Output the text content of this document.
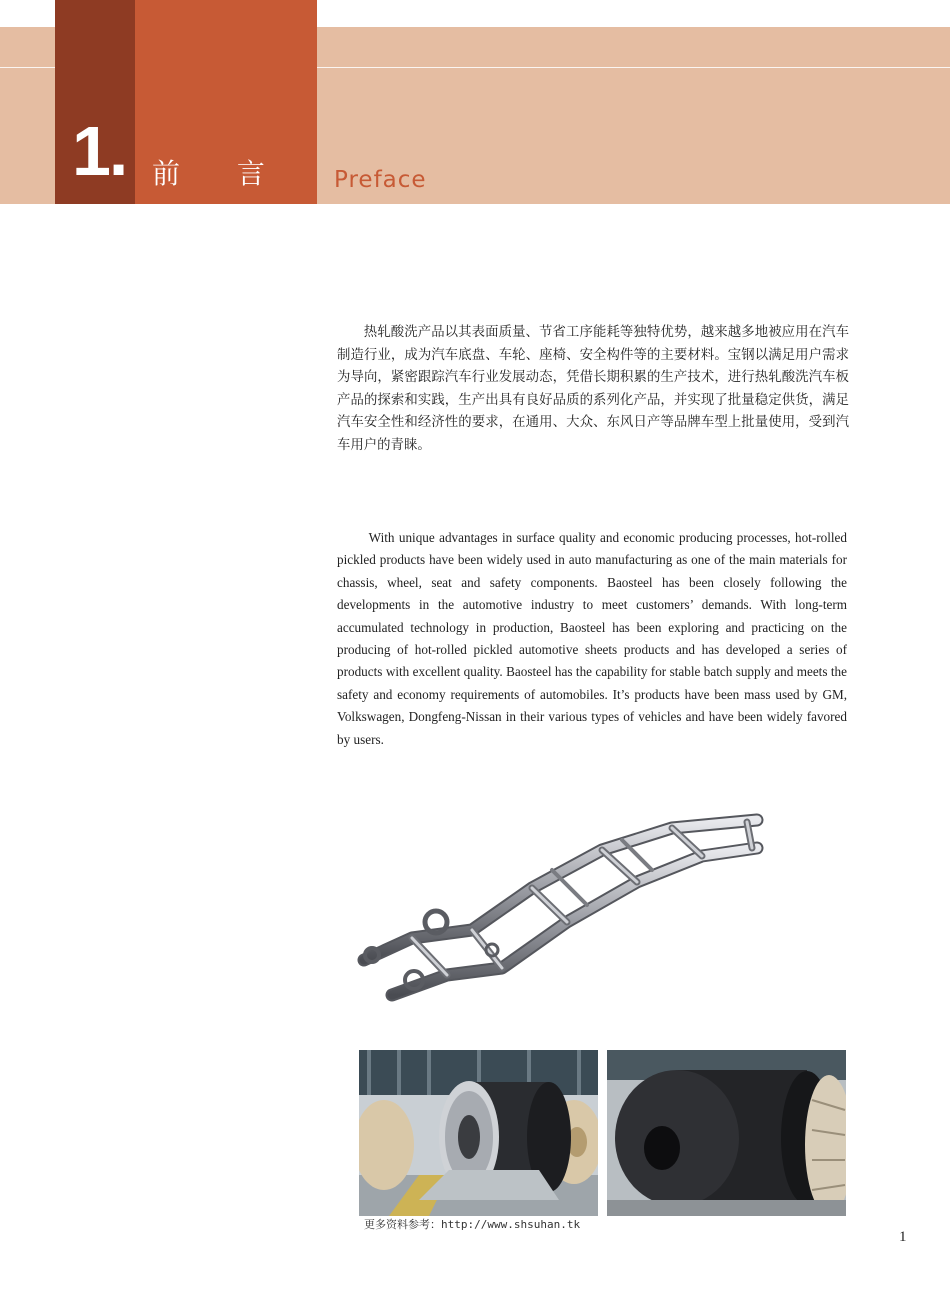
1. 前 言 Preface

热轧酸洗产品以其表面质量、节省工序能耗等独特优势，越来越多地被应用在汽车制造行业，成为汽车底盘、车轮、座椅、安全构件等的主要材料。宝钢以满足用户需求为导向，紧密跟踪汽车行业发展动态，凭借长期积累的生产技术，进行热轧酸洗汽车板产品的探索和实践，生产出具有良好品质的系列化产品，并实现了批量稳定供货，满足汽车安全性和经济性的要求，在通用、大众、东风日产等品牌车型上批量使用，受到汽车用户的青睐。

With unique advantages in surface quality and economic producing processes, hot-rolled pickled products have been widely used in auto manufacturing as one of the main materials for chassis, wheel, seat and safety components. Baosteel has been closely following the developments in the automotive industry to meet customers’ demands. With long-term accumulated technology in production, Baosteel has been exploring and practicing on the producing of hot-rolled pickled automotive sheets products and has developed a series of products with excellent quality. Baosteel has the capability for stable batch supply and meets the safety and economy requirements of automobiles. It’s products have been mass used by GM, Volkswagen, Dongfeng-Nissan in their various types of vehicles and have been widely favored by users.

更多资料参考：http://www.shsuhan.tk
1
